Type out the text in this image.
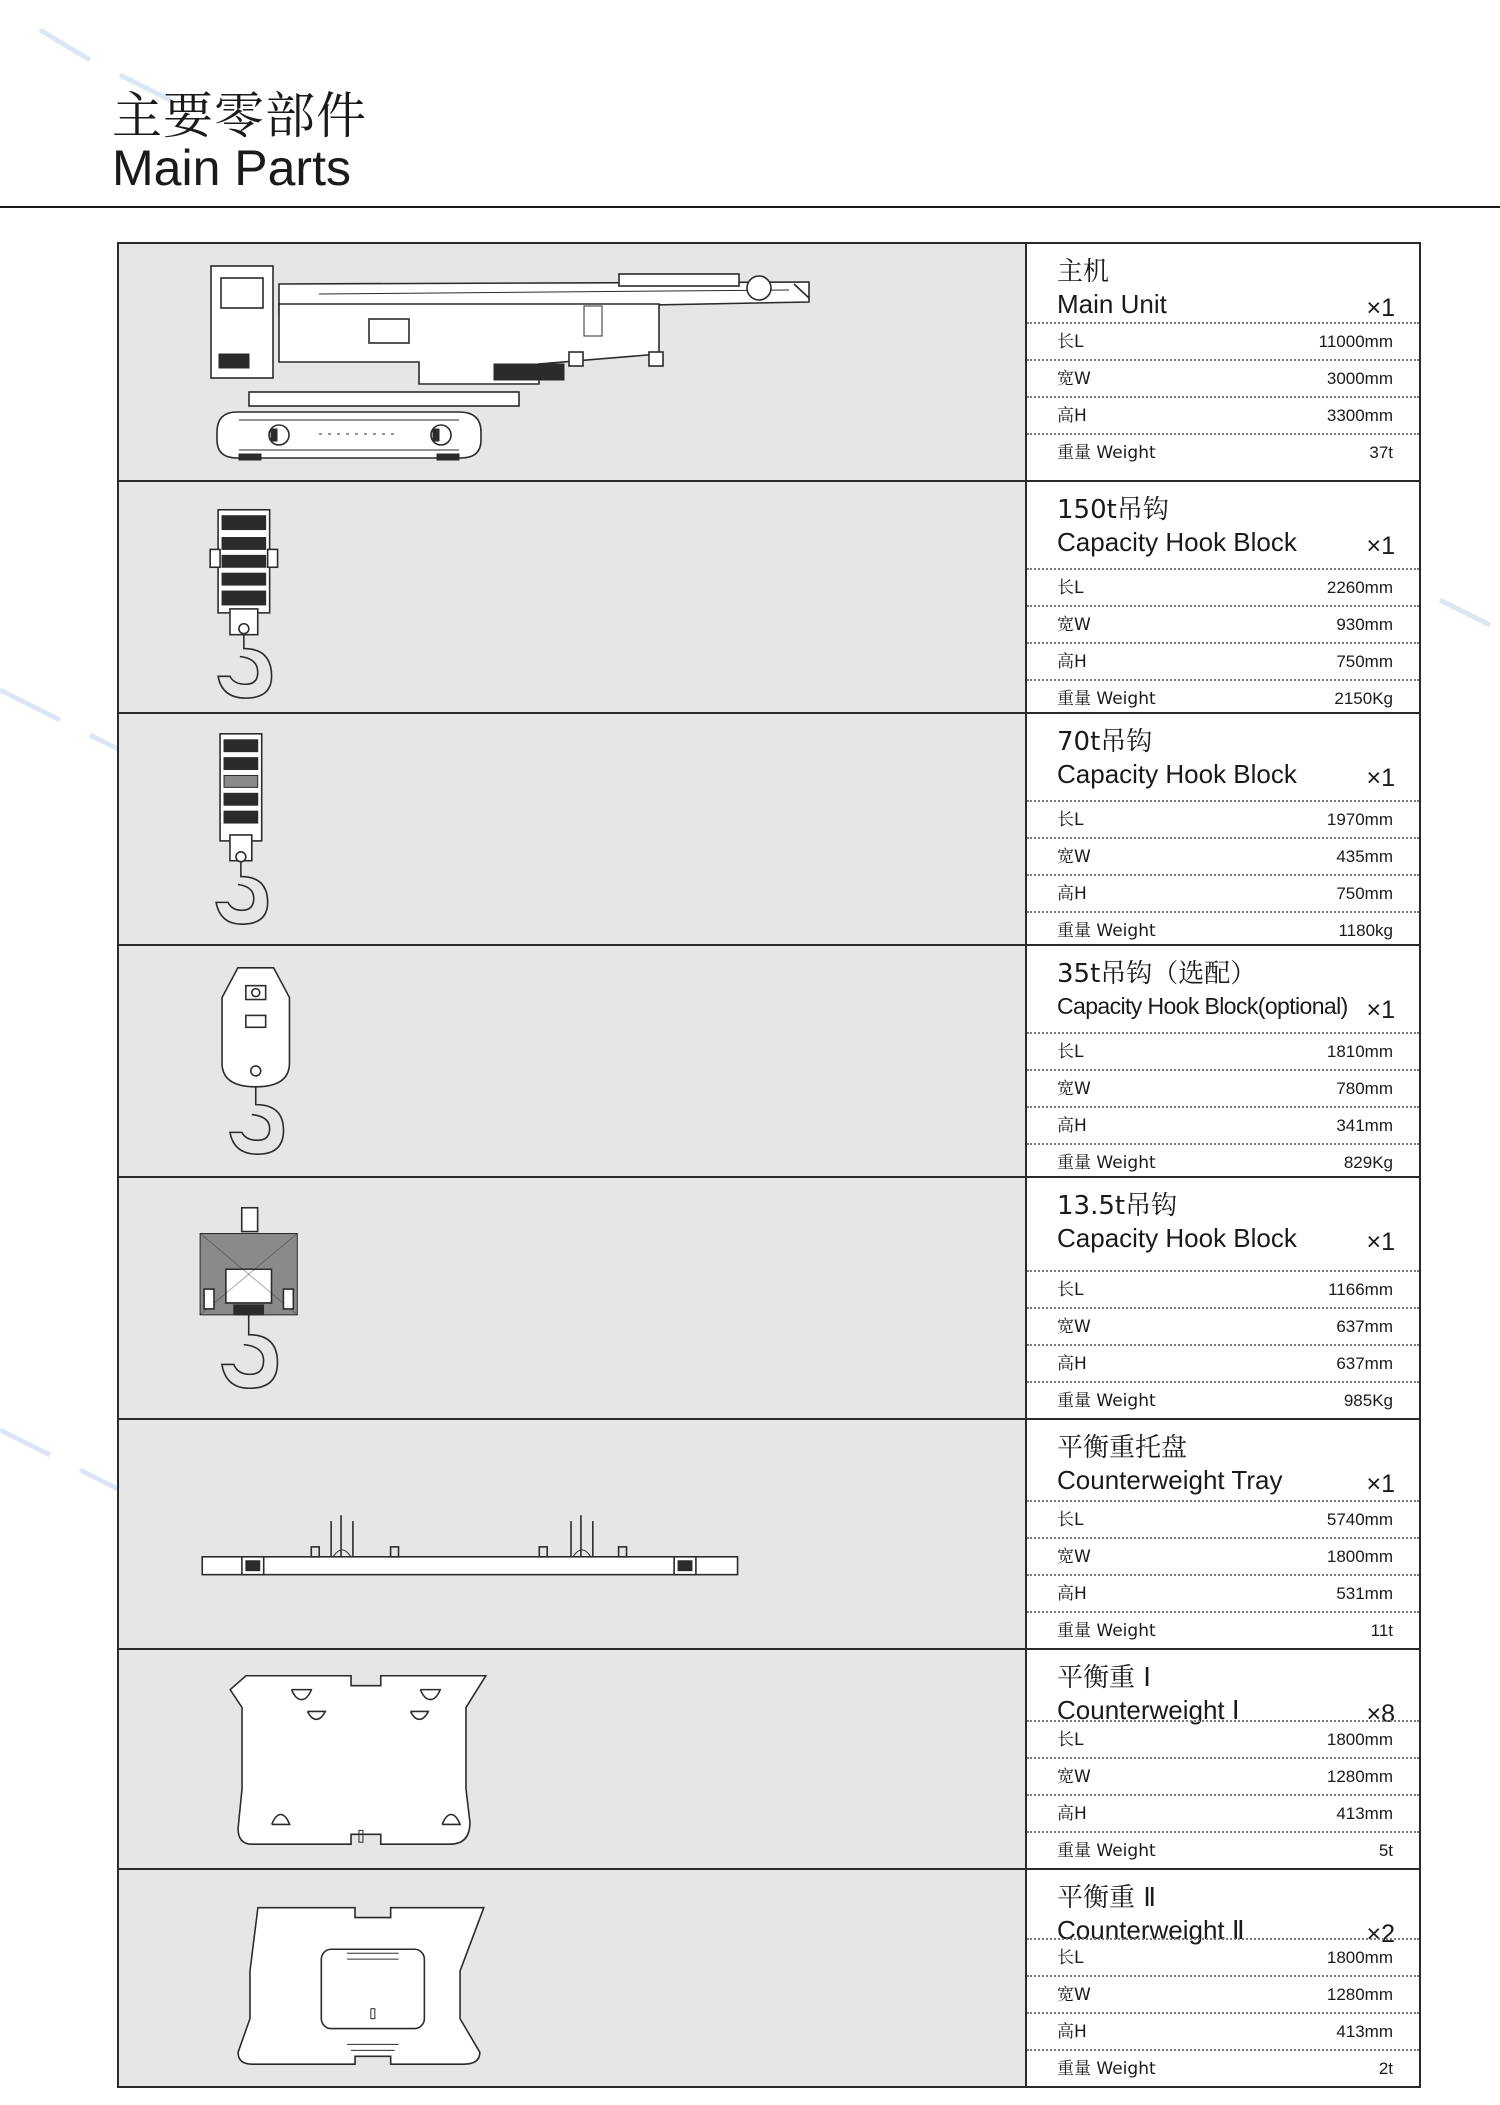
主要零部件
Main Parts
主机
Main Unit	×1
长L	11000mm
宽W	3000mm
高H	3300mm
重量 Weight	37t
150t吊钩
Capacity Hook Block	×1
长L	2260mm
宽W	930mm
高H	750mm
重量 Weight	2150Kg
70t吊钩
Capacity Hook Block	×1
长L	1970mm
宽W	435mm
高H	750mm
重量 Weight	1180kg
35t吊钩（选配）
Capacity Hook Block(optional) ×1
长L	1810mm
宽W	780mm
高H	341mm
重量 Weight	829Kg
13.5t吊钩
Capacity Hook Block	×1
长L	1166mm
宽W	637mm
高H	637mm
重量 Weight	985Kg
平衡重托盘
Counterweight Tray	×1
长L	5740mm
宽W	1800mm
高H	531mm
重量 Weight	11t
平衡重 Ⅰ
Counterweight Ⅰ	×8
长L	1800mm
宽W	1280mm
高H	413mm
重量 Weight	5t
平衡重 Ⅱ
Counterweight Ⅱ	×2
长L	1800mm
宽W	1280mm
高H	413mm
重量 Weight	2t
